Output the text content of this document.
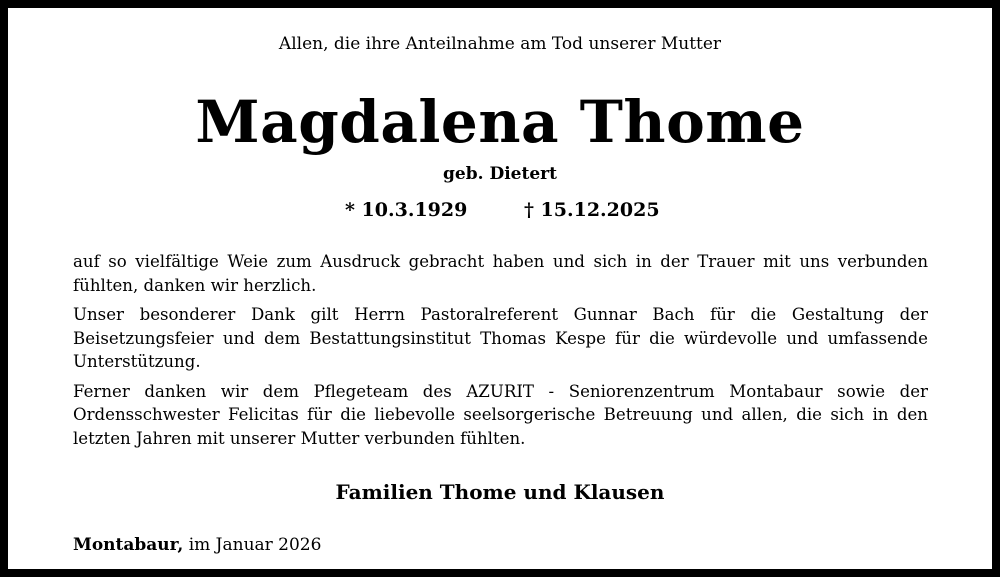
Allen, die ihre Anteilnahme am Tod unserer Mutter
Magdalena Thome
geb. Dietert
* 10.3.1929	† 15.12.2025

auf so vielfältige Weie zum Ausdruck gebracht haben und sich in der Trauer mit uns verbunden fühlten, danken wir herzlich.

Unser besonderer Dank gilt Herrn Pastoralreferent Gunnar Bach für die Gestaltung der Beisetzungsfeier und dem Bestattungsinstitut Thomas Kespe für die würdevolle und umfassende Unterstützung.

Ferner danken wir dem Pflegeteam des AZURIT - Seniorenzentrum Montabaur sowie der Ordensschwester Felicitas für die liebevolle seelsorgerische Betreuung und allen, die sich in den letzten Jahren mit unserer Mutter verbunden fühlten.

Familien Thome und Klausen
Montabaur, im Januar 2026
